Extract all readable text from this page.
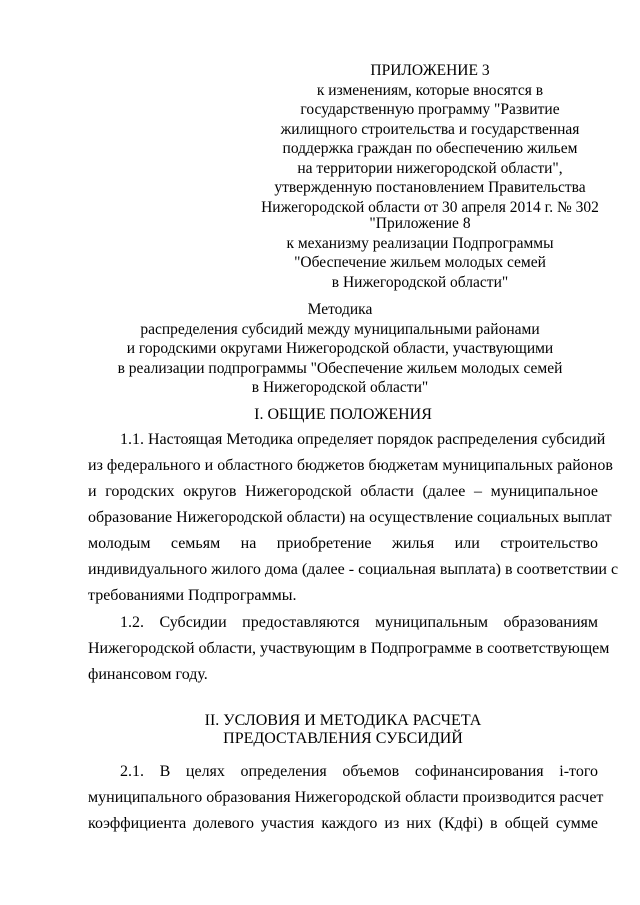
ПРИЛОЖЕНИЕ 3
к изменениям, которые вносятся в
государственную программу "Развитие
жилищного строительства и государственная
поддержка граждан по обеспечению жильем
на территории нижегородской области",
утвержденную постановлением Правительства
Нижегородской области от 30 апреля 2014 г. № 302
"Приложение 8
к механизму реализации Подпрограммы
"Обеспечение жильем молодых семей
в Нижегородской области"
Методика
распределения субсидий между муниципальными районами
и городскими округами Нижегородской области, участвующими
в реализации подпрограммы "Обеспечение жильем молодых семей
в Нижегородской области"
I. ОБЩИЕ ПОЛОЖЕНИЯ
1.1. Настоящая Методика определяет порядок распределения субсидий
из федерального и областного бюджетов бюджетам муниципальных районов
и городских округов Нижегородской области (далее – муниципальное
образование Нижегородской области) на осуществление социальных выплат
молодым семьям на приобретение жилья или строительство
индивидуального жилого дома (далее - социальная выплата) в соответствии с
требованиями Подпрограммы.
1.2. Субсидии предоставляются муниципальным образованиям
Нижегородской области, участвующим в Подпрограмме в соответствующем
финансовом году.
II. УСЛОВИЯ И МЕТОДИКА РАСЧЕТА
ПРЕДОСТАВЛЕНИЯ СУБСИДИЙ
2.1. В целях определения объемов софинансирования i-того
муниципального образования Нижегородской области производится расчет
коэффициента долевого участия каждого из них (Кдфi) в общей сумме
